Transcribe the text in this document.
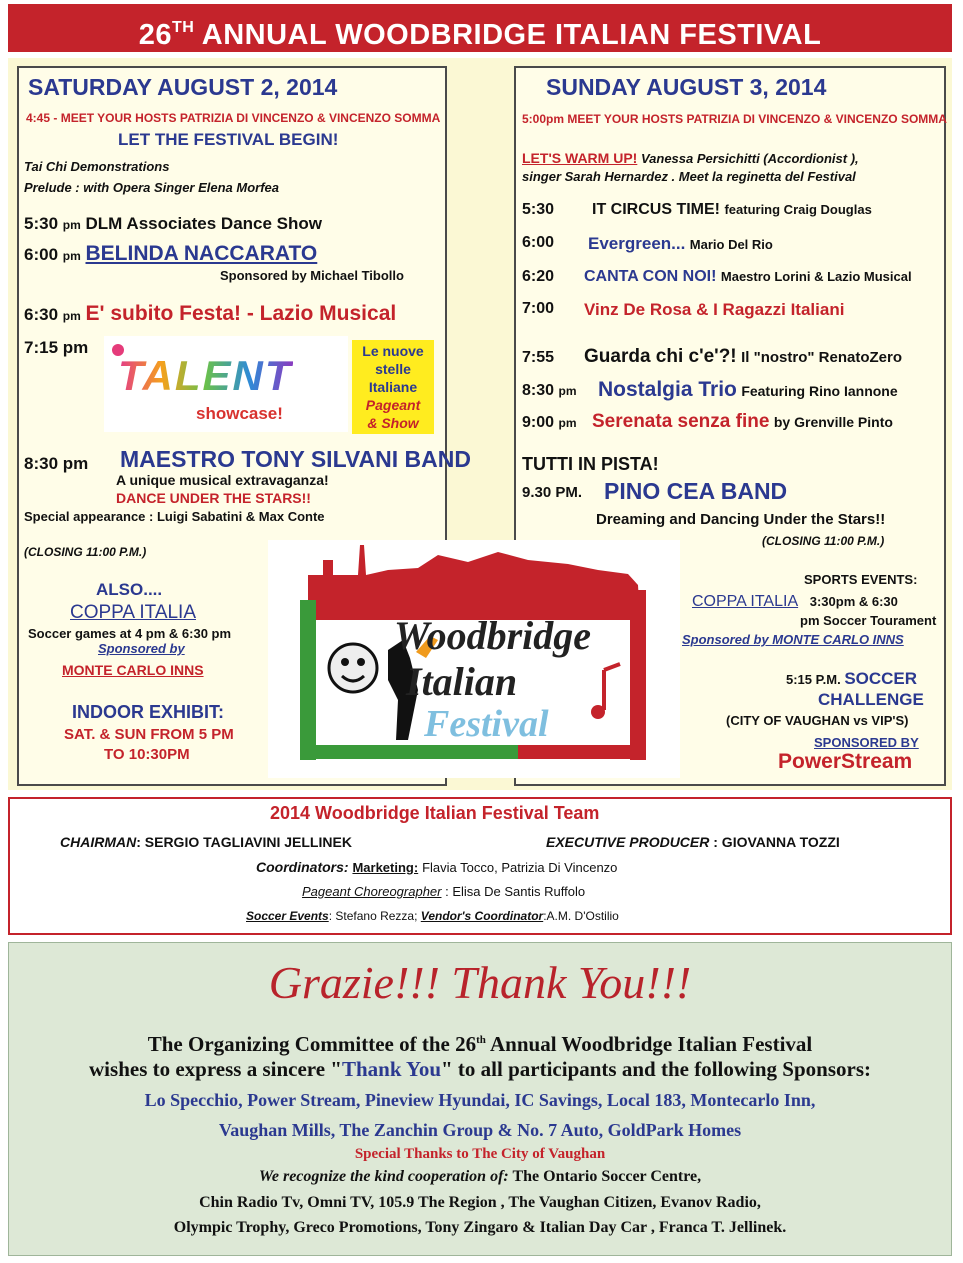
26TH ANNUAL WOODBRIDGE ITALIAN FESTIVAL
SATURDAY AUGUST 2, 2014
4:45 - MEET YOUR HOSTS PATRIZIA DI VINCENZO & VINCENZO SOMMA
LET THE FESTIVAL BEGIN!
Tai Chi Demonstrations
Prelude : with Opera Singer Elena Morfea
5:30 pm DLM Associates Dance Show
6:00 pm BELINDA NACCARATO
Sponsored by Michael Tibollo
6:30 pm E' subito Festa! - Lazio Musical
7:15 pm
TALENT
showcase!
Le nuove
stelle
Italiane
Pageant
& Show
8:30 pm MAESTRO TONY SILVANI BAND
A unique musical extravaganza!
DANCE UNDER THE STARS!!
Special appearance : Luigi Sabatini & Max Conte
(CLOSING 11:00 P.M.)
ALSO....
COPPA ITALIA
Soccer games at 4 pm & 6:30 pm
Sponsored by
MONTE CARLO INNS
INDOOR EXHIBIT:
SAT. & SUN FROM 5 PM
TO 10:30PM
SUNDAY AUGUST 3, 2014
5:00pm MEET YOUR HOSTS PATRIZIA DI VINCENZO & VINCENZO SOMMA
LET'S WARM UP! Vanessa Persichitti (Accordionist ),
singer Sarah Hernardez . Meet la reginetta del Festival
5:30 IT CIRCUS TIME! featuring Craig Douglas
6:00 Evergreen... Mario Del Rio
6:20 CANTA CON NOI! Maestro Lorini & Lazio Musical
7:00 Vinz De Rosa & I Ragazzi Italiani
7:55 Guarda chi c'e'?! Il "nostro" RenatoZero
8:30 pm Nostalgia Trio Featuring Rino Iannone
9:00 pm Serenata senza fine by Grenville Pinto
TUTTI IN PISTA!
9.30 PM. PINO CEA BAND
Dreaming and Dancing Under the Stars!!
(CLOSING 11:00 P.M.)
SPORTS EVENTS:
COPPA ITALIA 3:30pm & 6:30
pm Soccer Tourament
Sponsored by MONTE CARLO INNS
5:15 P.M. SOCCER
CHALLENGE
(CITY OF VAUGHAN vs VIP'S)
SPONSORED BY
PowerStream
Woodbridge
Italian
Festival
2014 Woodbridge Italian Festival Team
CHAIRMAN: SERGIO TAGLIAVINI JELLINEK	EXECUTIVE PRODUCER : GIOVANNA TOZZI
Coordinators: Marketing: Flavia Tocco, Patrizia Di Vincenzo
Pageant Choreographer : Elisa De Santis Ruffolo
Soccer Events: Stefano Rezza; Vendor's Coordinator:A.M. D'Ostilio
Grazie!!! Thank You!!!
The Organizing Committee of the 26th Annual Woodbridge Italian Festival
wishes to express a sincere "Thank You" to all participants and the following Sponsors:
Lo Specchio, Power Stream, Pineview Hyundai, IC Savings, Local 183, Montecarlo Inn,
Vaughan Mills, The Zanchin Group & No. 7 Auto, GoldPark Homes
Special Thanks to The City of Vaughan
We recognize the kind cooperation of: The Ontario Soccer Centre,
Chin Radio Tv, Omni TV, 105.9 The Region , The Vaughan Citizen, Evanov Radio,
Olympic Trophy, Greco Promotions, Tony Zingaro & Italian Day Car , Franca T. Jellinek.
